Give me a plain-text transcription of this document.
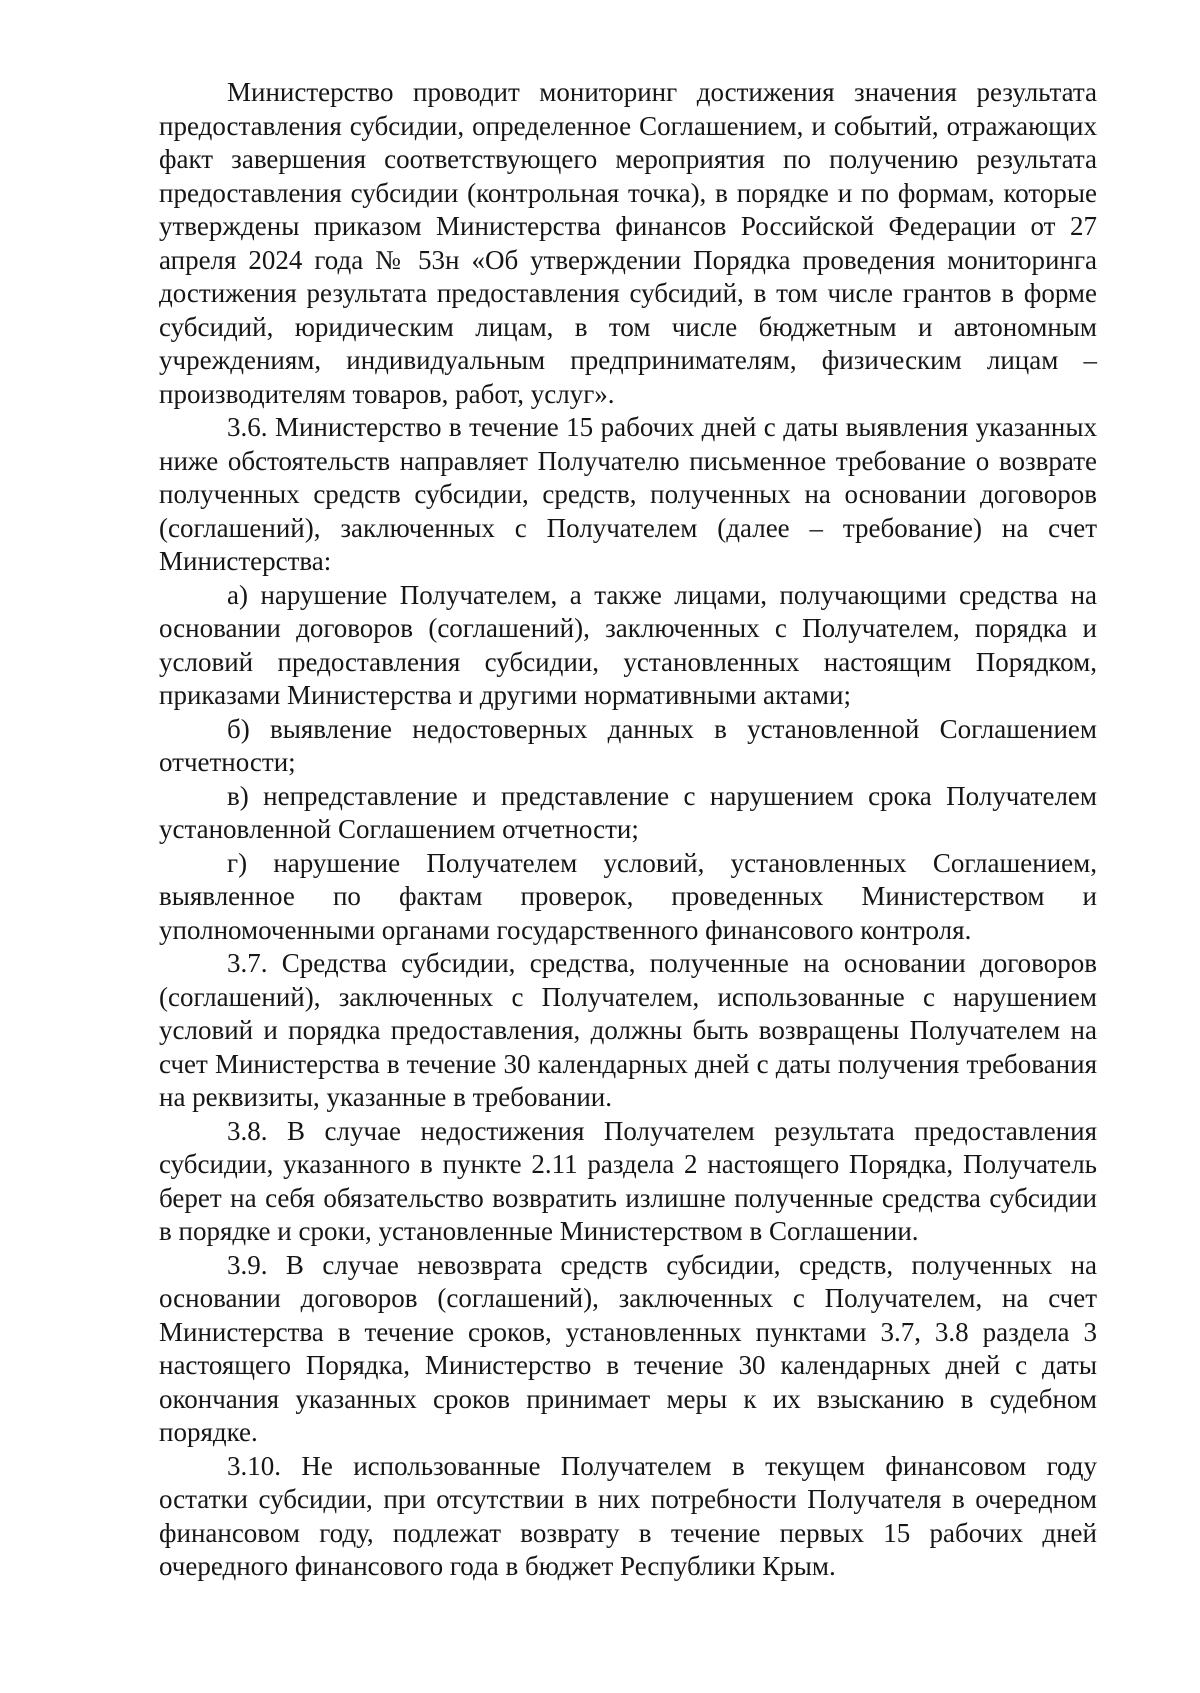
Министерство проводит мониторинг достижения значения результата предоставления субсидии, определенное Соглашением, и событий, отражающих факт завершения соответствующего мероприятия по получению результата предоставления субсидии (контрольная точка), в порядке и по формам, которые утверждены приказом Министерства финансов Российской Федерации от 27 апреля 2024 года № 53н «Об утверждении Порядка проведения мониторинга достижения результата предоставления субсидий, в том числе грантов в форме субсидий, юридическим лицам, в том числе бюджетным и автономным учреждениям, индивидуальным предпринимателям, физическим лицам – производителям товаров, работ, услуг».

3.6. Министерство в течение 15 рабочих дней с даты выявления указанных ниже обстоятельств направляет Получателю письменное требование о возврате полученных средств субсидии, средств, полученных на основании договоров (соглашений), заключенных с Получателем (далее – требование) на счет Министерства:

а) нарушение Получателем, а также лицами, получающими средства на основании договоров (соглашений), заключенных с Получателем, порядка и условий предоставления субсидии, установленных настоящим Порядком, приказами Министерства и другими нормативными актами;

б) выявление недостоверных данных в установленной Соглашением отчетности;

в) непредставление и представление с нарушением срока Получателем установленной Соглашением отчетности;

г) нарушение Получателем условий, установленных Соглашением, выявленное по фактам проверок, проведенных Министерством и уполномоченными органами государственного финансового контроля.

3.7. Средства субсидии, средства, полученные на основании договоров (соглашений), заключенных с Получателем, использованные с нарушением условий и порядка предоставления, должны быть возвращены Получателем на счет Министерства в течение 30 календарных дней с даты получения требования на реквизиты, указанные в требовании.

3.8. В случае недостижения Получателем результата предоставления субсидии, указанного в пункте 2.11 раздела 2 настоящего Порядка, Получатель берет на себя обязательство возвратить излишне полученные средства субсидии в порядке и сроки, установленные Министерством в Соглашении.

3.9. В случае невозврата средств субсидии, средств, полученных на основании договоров (соглашений), заключенных с Получателем, на счет Министерства в течение сроков, установленных пунктами 3.7, 3.8 раздела 3 настоящего Порядка, Министерство в течение 30 календарных дней с даты окончания указанных сроков принимает меры к их взысканию в судебном порядке.

3.10. Не использованные Получателем в текущем финансовом году остатки субсидии, при отсутствии в них потребности Получателя в очередном финансовом году, подлежат возврату в течение первых 15 рабочих дней очередного финансового года в бюджет Республики Крым.
